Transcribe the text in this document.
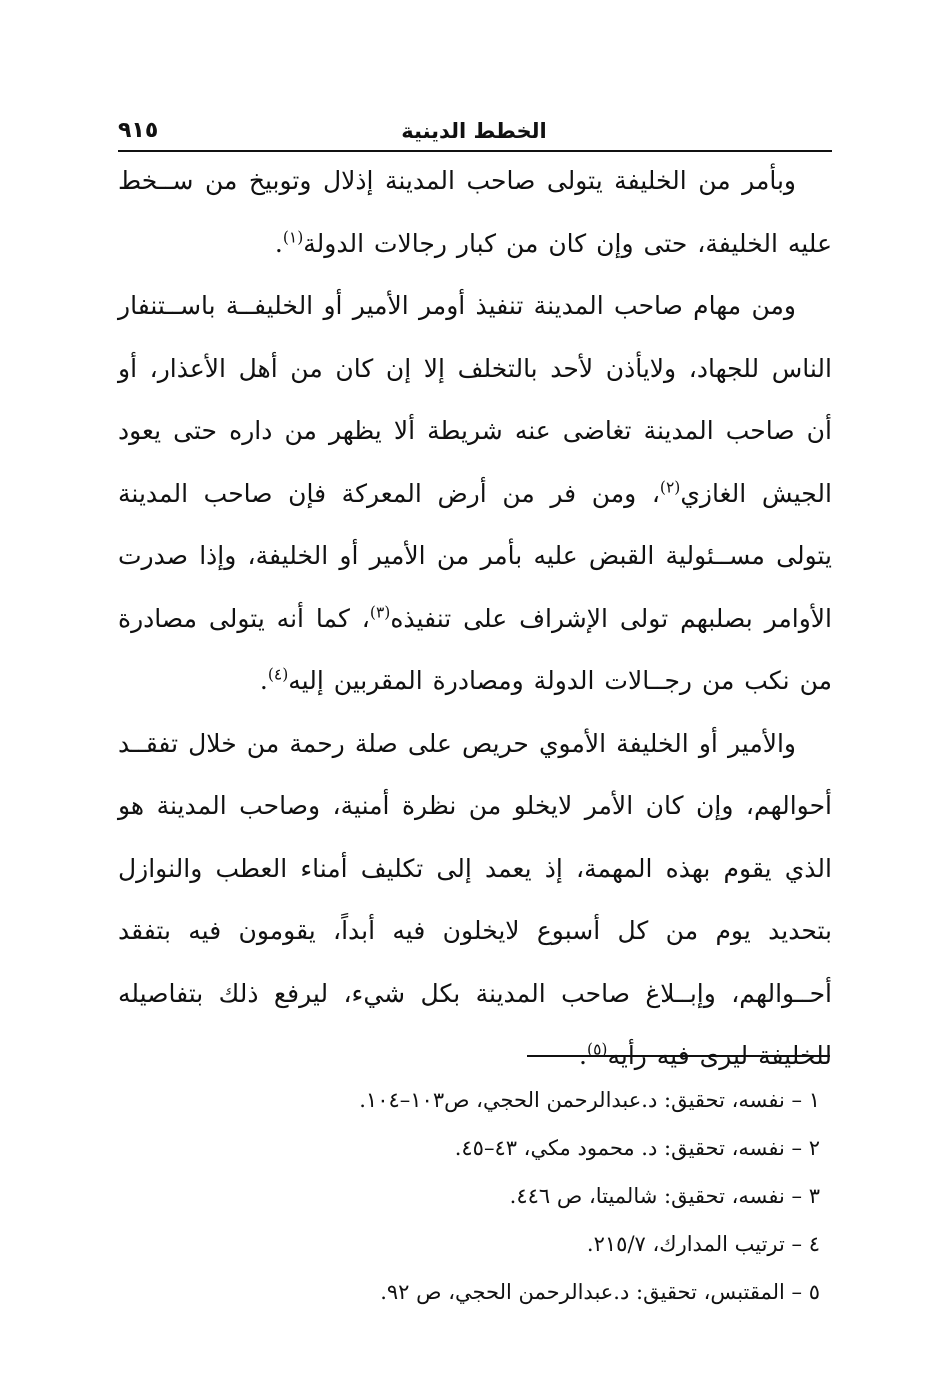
الخطط الدينية
٩١٥

وبأمر من الخليفة يتولى صاحب المدينة إذلال وتوبيخ من ســخط عليه الخليفة، حتى وإن كان من كبار رجالات الدولة$^{(١)}$.

ومن مهام صاحب المدينة تنفيذ أومر الأمير أو الخليفــة باســتنفار الناس للجهاد، ولايأذن لأحد بالتخلف إلا إن كان من أهل الأعذار، أو أن صاحب المدينة تغاضى عنه شريطة ألا يظهر من داره حتى يعود الجيش الغازي$^{(٢)}$، ومن فر من أرض المعركة فإن صاحب المدينة يتولى مســئولية القبض عليه بأمر من الأمير أو الخليفة، وإذا صدرت الأوامر بصلبهم تولى الإشراف على تنفيذه$^{(٣)}$، كما أنه يتولى مصادرة من نكب من رجــالات الدولة ومصادرة المقربين إليه$^{(٤)}$.

والأمير أو الخليفة الأموي حريص على صلة رحمة من خلال تفقــد أحوالهم، وإن كان الأمر لايخلو من نظرة أمنية، وصاحب المدينة هو الذي يقوم بهذه المهمة، إذ يعمد إلى تكليف أمناء العطب والنوازل بتحديد يوم من كل أسبوع لايخلون فيه أبداً، يقومون فيه بتفقد أحــوالهم، وإبــلاغ صاحب المدينة بكل شيء، ليرفع ذلك بتفاصيله للخليفة ليرى فيه رأيه$^{(٥)}$.

١ – نفسه، تحقيق: د.عبدالرحمن الحجي، ص١٠٣–١٠٤.

٢ – نفسه، تحقيق: د. محمود مكي، ٤٣–٤٥.

٣ – نفسه، تحقيق: شالميتا، ص ٤٤٦.

٤ – ترتيب المدارك، ٢١٥/٧.

٥ – المقتبس، تحقيق: د.عبدالرحمن الحجي، ص ٩٢.
